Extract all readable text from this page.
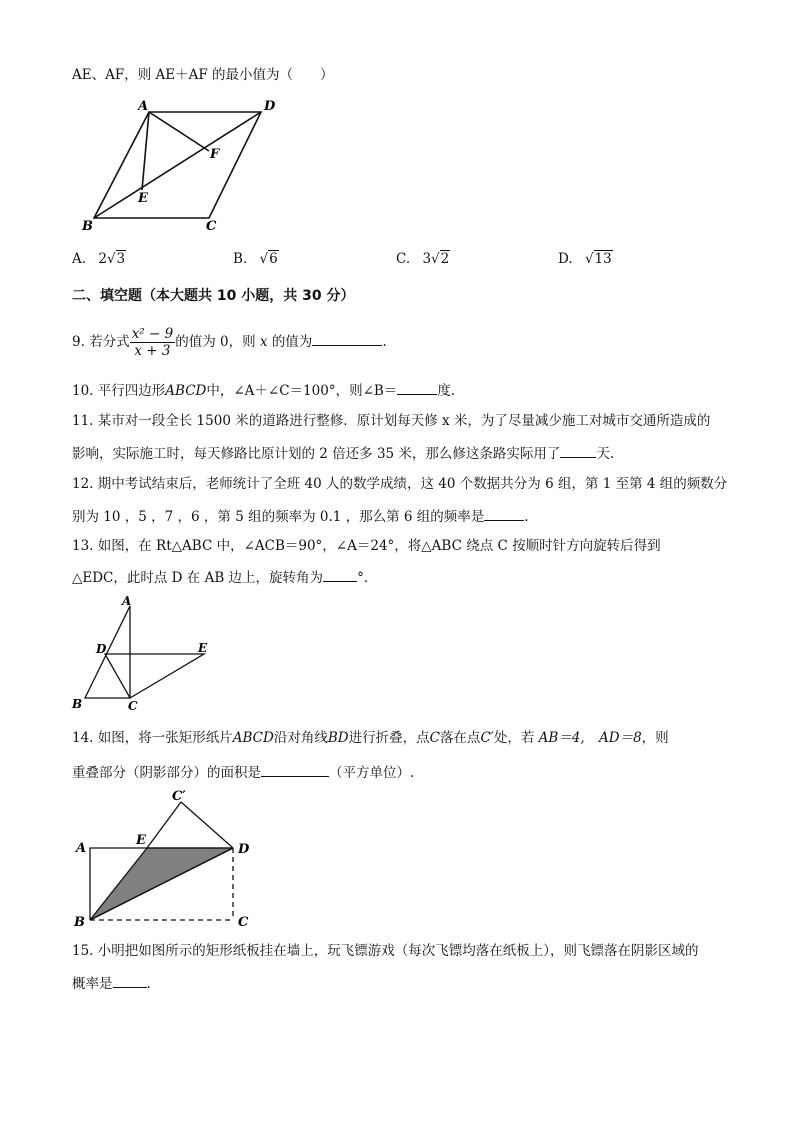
AE、AF，则 AE＋AF 的最小值为（　　）
A	D
F
E
B	C
A. 2√3	B. √6	C. 3√2	D. √13
二、填空题（本大题共 10 小题，共 30 分）
9. 若分式 $\frac{\text{x² − 9}}{x + 3}$ 的值为 0，则 x 的值为	.
10. 平行四边形ABCD中，∠A＋∠C＝100°，则∠B＝	度.
11. 某市对一段全长 1500 米的道路进行整修．原计划每天修 x 米，为了尽量减少施工对城市交通所造成的
影响，实际施工时，每天修路比原计划的 2 倍还多 35 米，那么修这条路实际用了	天.
12. 期中考试结束后，老师统计了全班 40 人的数学成绩，这 40 个数据共分为 6 组，第 1 至第 4 组的频数分
别为 10 ，5 ，7 ，6 ，第 5 组的频率为 0.1 ，那么第 6 组的频率是	.
13. 如图，在 Rt△ABC 中，∠ACB＝90°，∠A＝24°，将△ABC 绕点 C 按顺时针方向旋转后得到
△EDC，此时点 D 在 AB 边上，旋转角为	°．
A
D	E
B	C
14. 如图，将一张矩形纸片ABCD沿对角线BD进行折叠，点C落在点C′处，若 AB＝4, AD＝8，则
重叠部分（阴影部分）的面积是	（平方单位）.
C′
A
E
D
B	C
15. 小明把如图所示的矩形纸板挂在墙上，玩飞镖游戏（每次飞镖均落在纸板上），则飞镖落在阴影区域的
概率是	.
